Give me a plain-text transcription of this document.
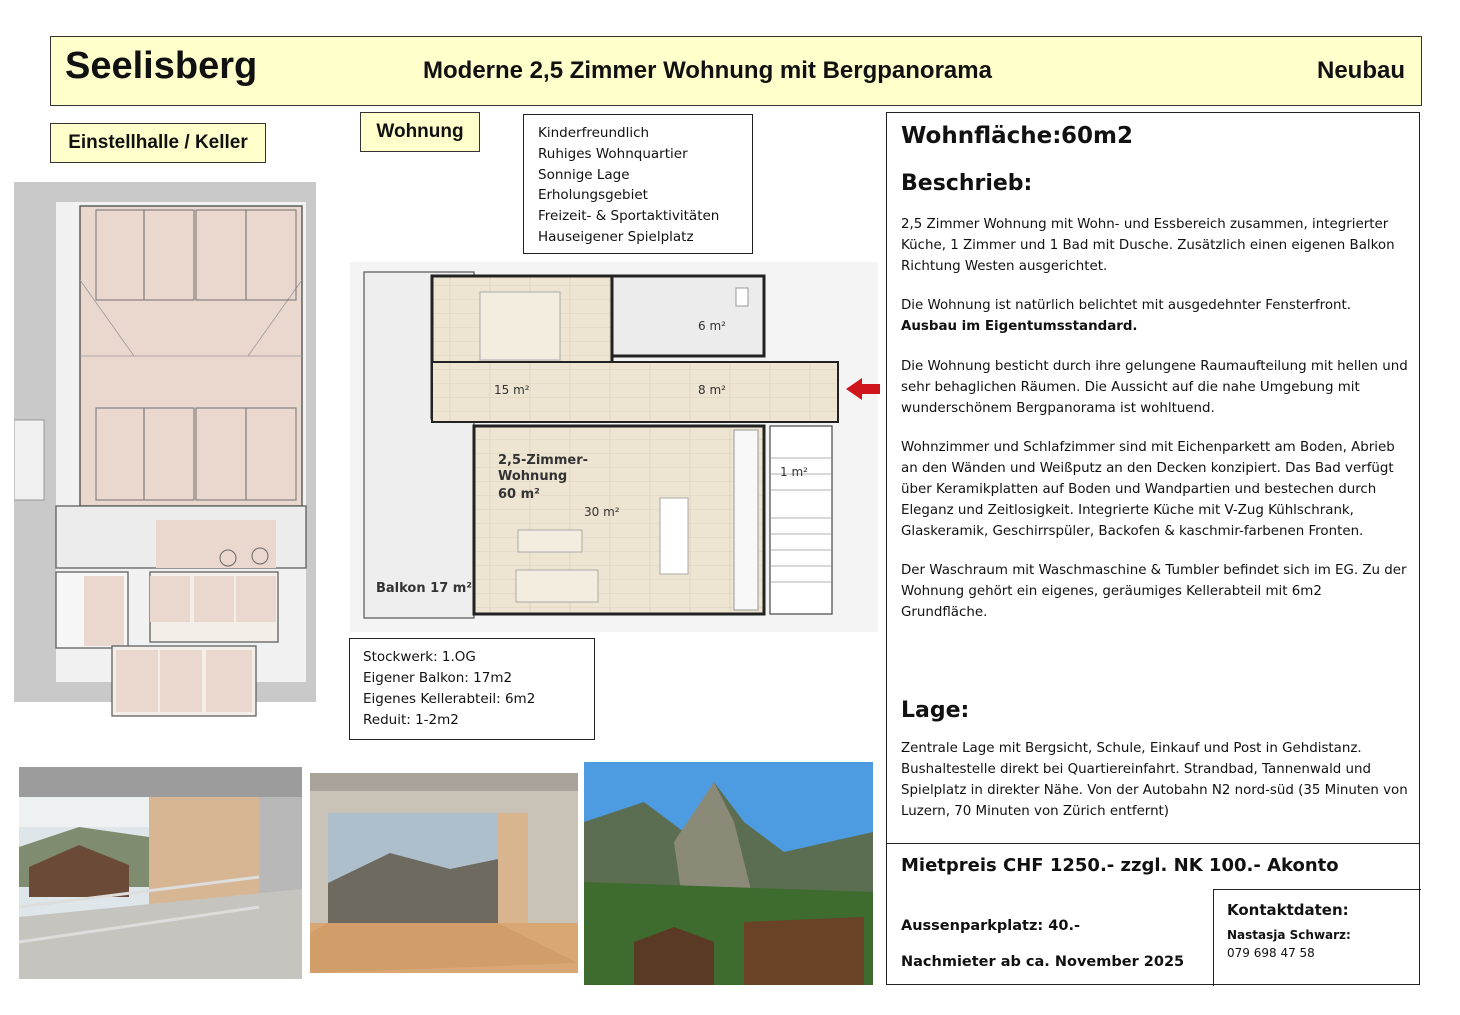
Seelisberg	Moderne 2,5 Zimmer Wohnung mit Bergpanorama	Neubau
Einstellhalle / Keller
Wohnung	Kinderfreundlich
Ruhiges Wohnquartier
Sonnige Lage
Erholungsgebiet
Freizeit- & Sportaktivitäten
Hauseigener Spielplatz
15 m²	8 m²
6 m²
30 m²
1 m²
2,5-Zimmer-
Wohnung
60 m²
Balkon 17 m²
Stockwerk: 1.OG
Eigener Balkon: 17m2
Eigenes Kellerabteil: 6m2
Reduit: 1-2m2
Wohnfläche: 60m2
Beschrieb:
2,5 Zimmer Wohnung mit Wohn- und Essbereich zusammen, integrierter Küche, 1 Zimmer und 1 Bad mit Dusche. Zusätzlich einen eigenen Balkon Richtung Westen ausgerichtet.
Die Wohnung ist natürlich belichtet mit ausgedehnter Fensterfront.
Ausbau im Eigentumsstandard.
Die Wohnung besticht durch ihre gelungene Raumaufteilung mit hellen und sehr behaglichen Räumen. Die Aussicht auf die nahe Umgebung mit wunderschönem Bergpanorama ist wohltuend.
Wohnzimmer und Schlafzimmer sind mit Eichenparkett am Boden, Abrieb an den Wänden und Weißputz an den Decken konzipiert. Das Bad verfügt über Keramikplatten auf Boden und Wandpartien und bestechen durch Eleganz und Zeitlosigkeit. Integrierte Küche mit V-Zug Kühlschrank, Glaskeramik, Geschirrspüler, Backofen & kaschmir-farbenen Fronten.
Der Waschraum mit Waschmaschine & Tumbler befindet sich im EG. Zu der Wohnung gehört ein eigenes, geräumiges Kellerabteil mit 6m2 Grundfläche.
Lage:
Zentrale Lage mit Bergsicht, Schule, Einkauf und Post in Gehdistanz. Bushaltestelle direkt bei Quartiereinfahrt. Strandbad, Tannenwald und Spielplatz in direkter Nähe. Von der Autobahn N2 nord-süd (35 Minuten von Luzern, 70 Minuten von Zürich entfernt)
Mietpreis CHF 1250.- zzgl. NK 100.- Akonto
Aussenparkplatz: 40.-
Nachmieter ab ca. November 2025
Kontaktdaten:
Nastasja Schwarz:
079 698 47 58
